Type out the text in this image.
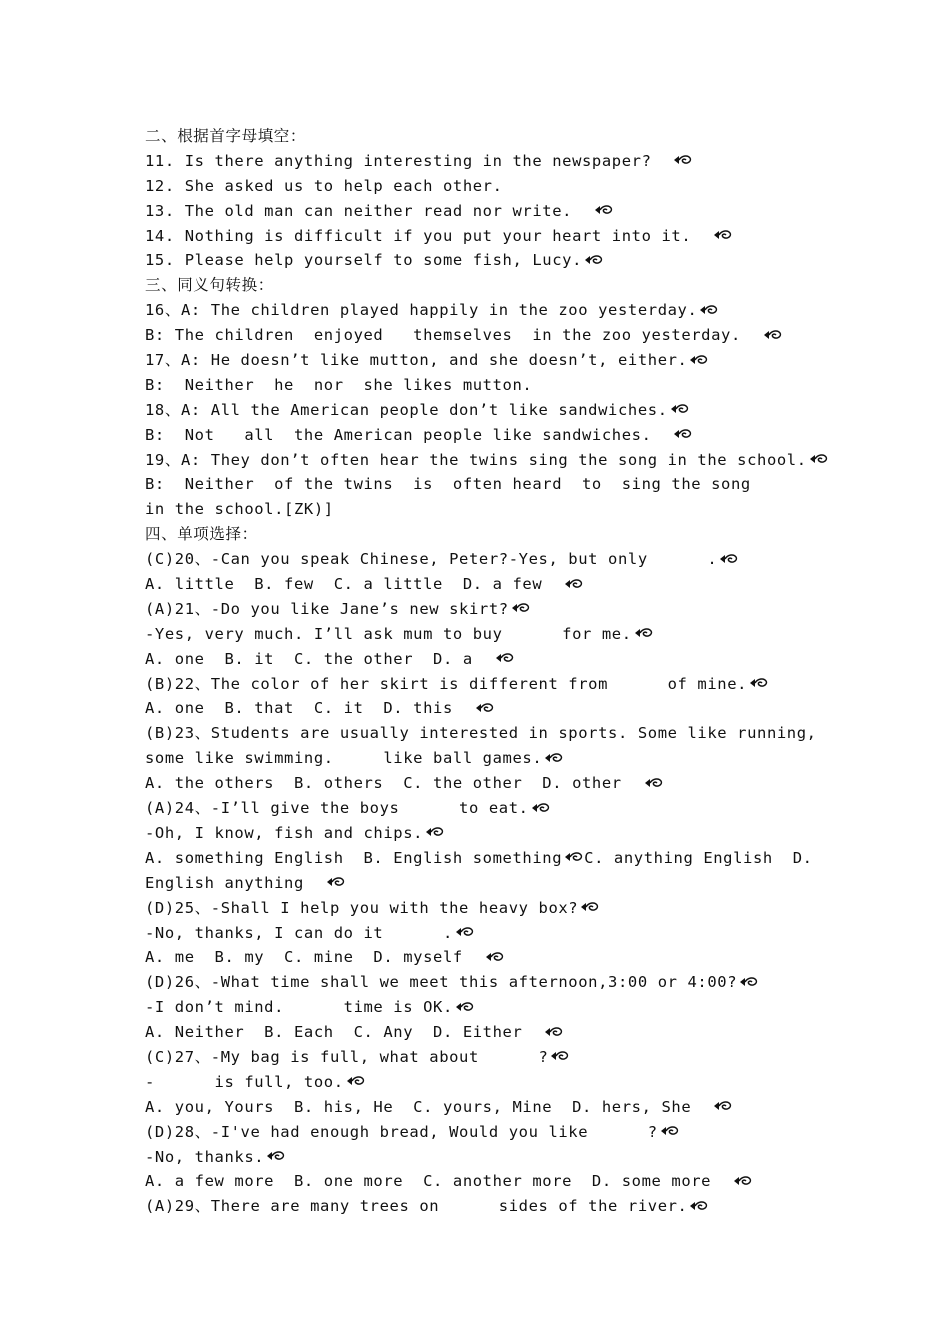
二、根据首字母填空：
11. Is there anything interesting in the newspaper?
12. She asked us to help each other.
13. The old man can neither read nor write.
14. Nothing is difficult if you put your heart into it.
15. Please help yourself to some fish, Lucy.
三、同义句转换：
16、A: The children played happily in the zoo yesterday.
B: The children  enjoyed   themselves  in the zoo yesterday.
17、A: He doesn’t like mutton, and she doesn’t, either.
B:  Neither  he  nor  she likes mutton.
18、A: All the American people don’t like sandwiches.
B:  Not   all  the American people like sandwiches.
19、A: They don’t often hear the twins sing the song in the school.
B:  Neither  of the twins  is  often heard  to  sing the song
in the school.[ZK)]
四、单项选择：
(C)20、-Can you speak Chinese, Peter?-Yes, but only      .
A. little  B. few  C. a little  D. a few
(A)21、-Do you like Jane’s new skirt?
-Yes, very much. I’ll ask mum to buy      for me.
A. one  B. it  C. the other  D. a
(B)22、The color of her skirt is different from      of mine.
A. one  B. that  C. it  D. this
(B)23、Students are usually interested in sports. Some like running,
some like swimming.     like ball games.
A. the others  B. others  C. the other  D. other
(A)24、-I’ll give the boys      to eat.
-Oh, I know, fish and chips.
A. something English  B. English something C. anything English  D.
English anything
(D)25、-Shall I help you with the heavy box?
-No, thanks, I can do it      .
A. me  B. my  C. mine  D. myself
(D)26、-What time shall we meet this afternoon,3:00 or 4:00?
-I don’t mind.      time is OK.
A. Neither  B. Each  C. Any  D. Either
(C)27、-My bag is full, what about      ?
-      is full, too.
A. you, Yours  B. his, He  C. yours, Mine  D. hers, She
(D)28、-I've had enough bread, Would you like      ?
-No, thanks.
A. a few more  B. one more  C. another more  D. some more
(A)29、There are many trees on      sides of the river.
